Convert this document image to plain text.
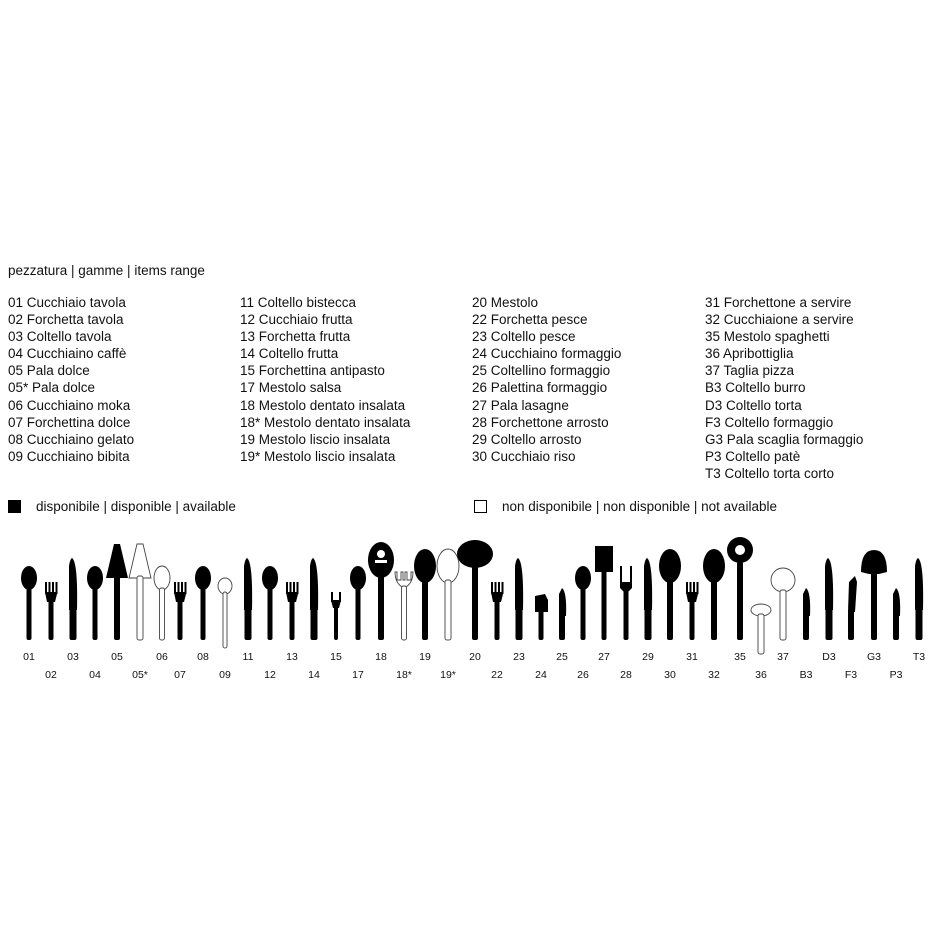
pezzatura | gamme | items range
01 Cucchiaio tavola
02 Forchetta tavola
03 Coltello tavola
04 Cucchiaino caffè
05 Pala dolce
05* Pala dolce
06 Cucchiaino moka
07 Forchettina dolce
08 Cucchiaino gelato
09 Cucchiaino bibita
11 Coltello bistecca
12 Cucchiaio frutta
13 Forchetta frutta
14 Coltello frutta
15 Forchettina antipasto
17 Mestolo salsa
18 Mestolo dentato insalata
18* Mestolo dentato insalata
19 Mestolo liscio insalata
19* Mestolo liscio insalata
20 Mestolo
22 Forchetta pesce
23 Coltello pesce
24 Cucchiaino formaggio
25 Coltellino formaggio
26 Palettina formaggio
27 Pala lasagne
28 Forchettone arrosto
29 Coltello arrosto
30 Cucchiaio riso
31 Forchettone a servire
32 Cucchiaione a servire
35 Mestolo spaghetti
36 Apribottiglia
37 Taglia pizza
B3 Coltello burro
D3 Coltello torta
F3 Coltello formaggio
G3 Pala scaglia formaggio
P3 Coltello patè
T3 Coltello torta corto
disponibile | disponible | available	non disponibile | non disponible | not available
01
02
03
04
05
05*
06
07
08
09
11
12
13
14
15
17
18
18*
19
19*
20
22
23
24
25
26
27
28
29
30
31
32
35
36
37
B3
D3
F3
G3
P3
T3
